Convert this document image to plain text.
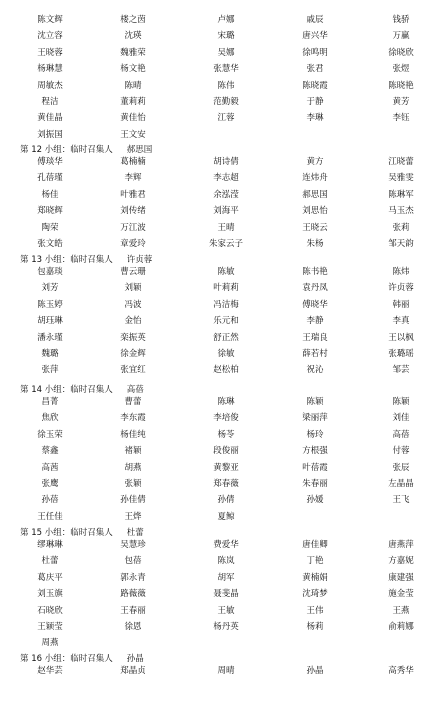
陈文辉	楼之茵	卢娜	戚辰	钱骄
沈立容	沈瑛	宋璐	唐兴华	万赢
王晓蓉	魏雅荣	吴娜	徐鸣明	徐晓欣
杨琳慧	杨文艳	张慧华	张君	张煜
周敏杰	陈晴	陈伟	陈晓霞	陈晓艳
程洁	董莉莉	范勤毅	于静	黄芳
黄佳晶	黄佳怡	江蓉	李琳	李钰
刘振国	王文安
第 12 小组：临时召集人 郝思国
傅琰华	葛楠楠	胡诗倩	黄方	江晓蕾
孔蓓瑾	李辉	李志超	连炜舟	吴雅雯
杨佳	叶雅君	余泓滢	郝思国	陈琳军
郑晓辉	刘传绪	刘海平	刘思怡	马玉杰
陶荣	万江波	王晴	王晓云	张莉
张文皓	章爱玲	朱家云子	朱杨	邹天韵
第 13 小组：临时召集人 许贞蓉
包嘉琰	曹云珊	陈敏	陈书艳	陈炜
刘芳	刘颖	叶莉莉	袁丹凤	许贞蓉
陈玉婷	冯波	冯洁梅	傅晓华	韩丽
胡珏琳	金怡	乐元和	李静	李真
潘永瑾	栾振英	舒正然	王瑞良	王以枫
魏璐	徐金辉	徐敏	薛若村	张璐瑶
张萍	张宜红	赵松柏	祝沁	邹芸
第 14 小组：临时召集人 高蓓
昌菁	曹蕾	陈琳	陈颖	陈颖
焦欣	李东霞	李培俊	梁丽萍	刘佳
徐玉荣	杨佳纯	杨苓	杨玲	高蓓
蔡鑫	褚颖	段俊丽	方根强	付蓉
高茜	胡燕	黄黎亚	叶蓓霞	张辰
张鹰	张颖	郑春薇	朱春丽	左晶晶
孙蓓	孙佳倩	孙倩	孙媛	王飞
王任佳	王烨	夏鲸
第 15 小组：临时召集人 杜蕾
缪琳琳	吴慧珍	费爱华	唐佳卿	唐燕萍
杜蕾	包蓓	陈岚	丁艳	方嘉妮
葛庆平	郭永青	胡军	黄楠娟	康建强
刘玉旗	路薇薇	聂斐晶	沈琦梦	施金莹
石晓欣	王春丽	王敏	王伟	王燕
王颖莹	徐恩	杨丹英	杨莉	俞莉娜
周燕
第 16 小组：临时召集人 孙晶
赵华芸	郑晶贞	周晴	孙晶	高秀华
